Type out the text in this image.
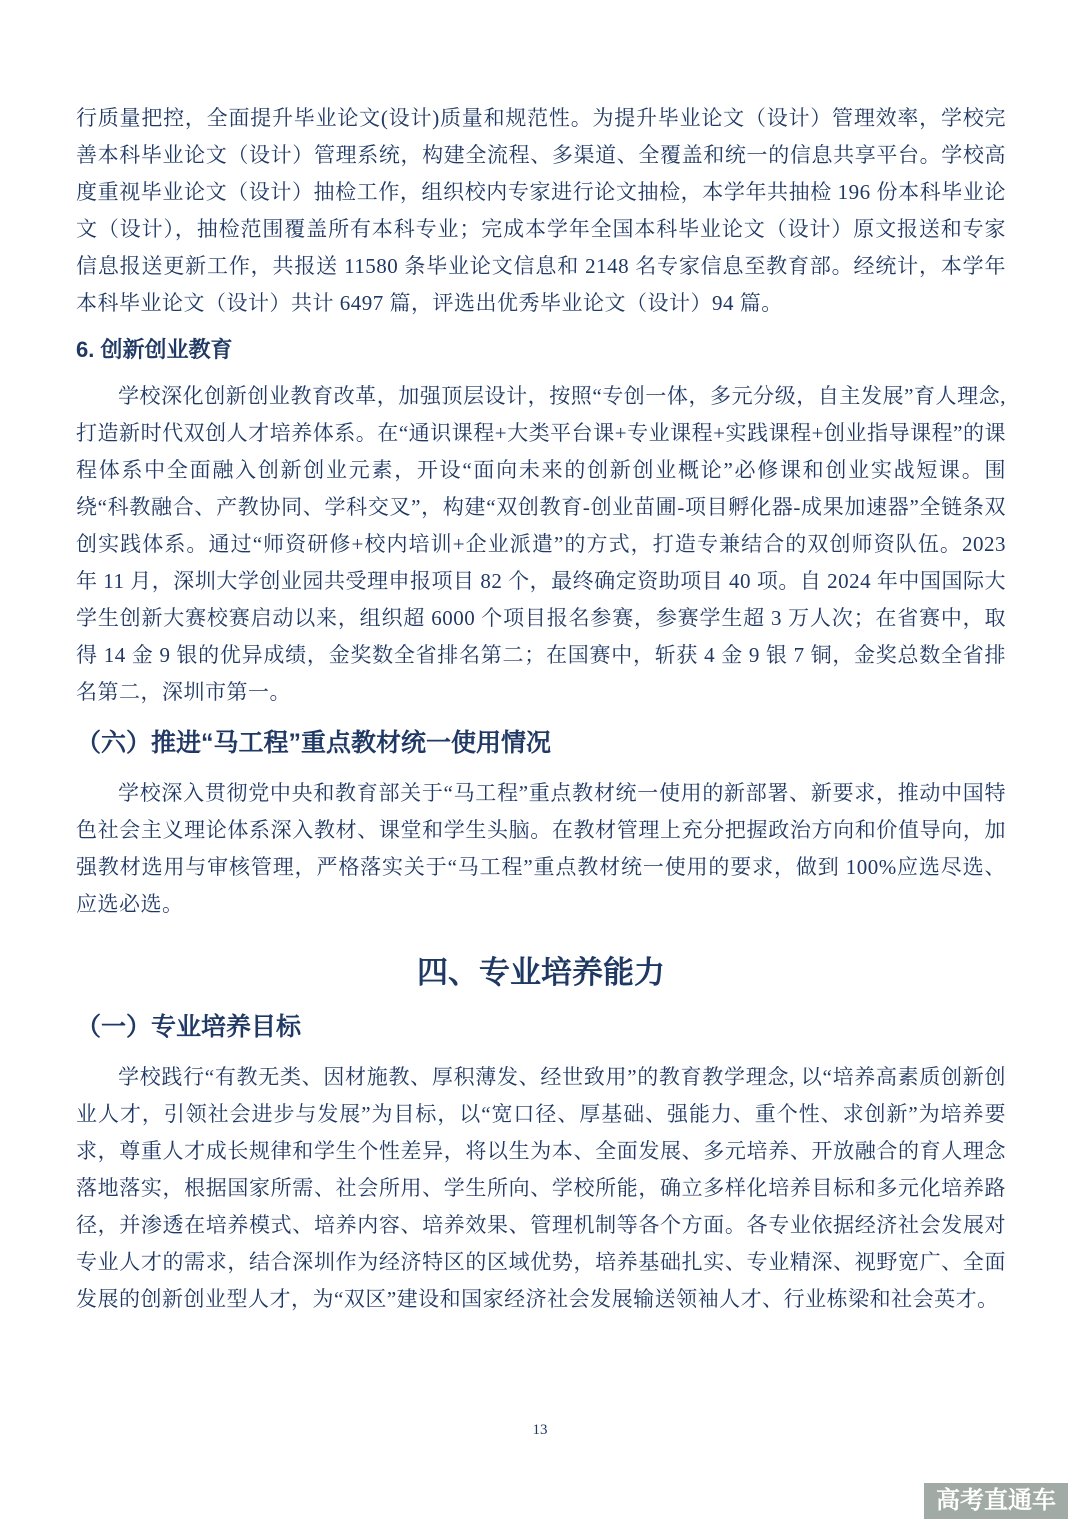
行质量把控，全面提升毕业论文(设计)质量和规范性。为提升毕业论文（设计）管理效率，学校完善本科毕业论文（设计）管理系统，构建全流程、多渠道、全覆盖和统一的信息共享平台。学校高度重视毕业论文（设计）抽检工作，组织校内专家进行论文抽检，本学年共抽检 196 份本科毕业论文（设计），抽检范围覆盖所有本科专业；完成本学年全国本科毕业论文（设计）原文报送和专家信息报送更新工作，共报送 11580 条毕业论文信息和 2148 名专家信息至教育部。经统计，本学年本科毕业论文（设计）共计 6497 篇，评选出优秀毕业论文（设计）94 篇。

6. 创新创业教育

学校深化创新创业教育改革，加强顶层设计，按照“专创一体，多元分级，自主发展”育人理念, 打造新时代双创人才培养体系。在“通识课程+大类平台课+专业课程+实践课程+创业指导课程”的课程体系中全面融入创新创业元素，开设“面向未来的创新创业概论”必修课和创业实战短课。围绕“科教融合、产教协同、学科交叉”，构建“双创教育-创业苗圃-项目孵化器-成果加速器”全链条双创实践体系。通过“师资研修+校内培训+企业派遣”的方式，打造专兼结合的双创师资队伍。2023 年 11 月，深圳大学创业园共受理申报项目 82 个，最终确定资助项目 40 项。自 2024 年中国国际大学生创新大赛校赛启动以来，组织超 6000 个项目报名参赛，参赛学生超 3 万人次；在省赛中，取得 14 金 9 银的优异成绩，金奖数全省排名第二；在国赛中，斩获 4 金 9 银 7 铜，金奖总数全省排名第二，深圳市第一。

（六）推进“马工程”重点教材统一使用情况

学校深入贯彻党中央和教育部关于“马工程”重点教材统一使用的新部署、新要求，推动中国特色社会主义理论体系深入教材、课堂和学生头脑。在教材管理上充分把握政治方向和价值导向，加强教材选用与审核管理，严格落实关于“马工程”重点教材统一使用的要求，做到 100%应选尽选、应选必选。

四、专业培养能力
（一）专业培养目标

学校践行“有教无类、因材施教、厚积薄发、经世致用”的教育教学理念, 以“培养高素质创新创业人才，引领社会进步与发展”为目标，以“宽口径、厚基础、强能力、重个性、求创新”为培养要求，尊重人才成长规律和学生个性差异，将以生为本、全面发展、多元培养、开放融合的育人理念落地落实，根据国家所需、社会所用、学生所向、学校所能，确立多样化培养目标和多元化培养路径，并渗透在培养模式、培养内容、培养效果、管理机制等各个方面。各专业依据经济社会发展对专业人才的需求，结合深圳作为经济特区的区域优势，培养基础扎实、专业精深、视野宽广、全面发展的创新创业型人才，为“双区”建设和国家经济社会发展输送领袖人才、行业栋梁和社会英才。

13
高考直通车
